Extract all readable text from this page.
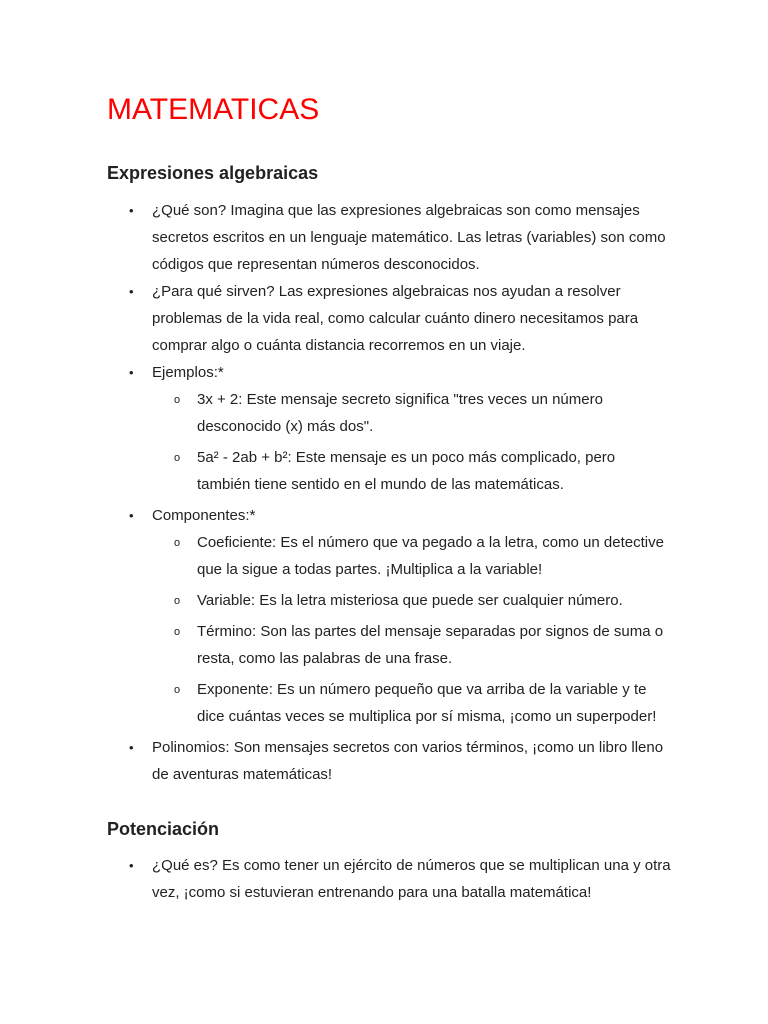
MATEMATICAS
Expresiones algebraicas
• ¿Qué son? Imagina que las expresiones algebraicas son como mensajes secretos escritos en un lenguaje matemático. Las letras (variables) son como códigos que representan números desconocidos.
• ¿Para qué sirven? Las expresiones algebraicas nos ayudan a resolver problemas de la vida real, como calcular cuánto dinero necesitamos para comprar algo o cuánta distancia recorremos en un viaje.
• Ejemplos:*
o 3x + 2: Este mensaje secreto significa "tres veces un número desconocido (x) más dos".
o 5a² - 2ab + b²: Este mensaje es un poco más complicado, pero también tiene sentido en el mundo de las matemáticas.
• Componentes:*
o Coeficiente: Es el número que va pegado a la letra, como un detective que la sigue a todas partes. ¡Multiplica a la variable!
o Variable: Es la letra misteriosa que puede ser cualquier número.
o Término: Son las partes del mensaje separadas por signos de suma o resta, como las palabras de una frase.
o Exponente: Es un número pequeño que va arriba de la variable y te dice cuántas veces se multiplica por sí misma, ¡como un superpoder!
• Polinomios: Son mensajes secretos con varios términos, ¡como un libro lleno de aventuras matemáticas!
Potenciación
• ¿Qué es? Es como tener un ejército de números que se multiplican una y otra vez, ¡como si estuvieran entrenando para una batalla matemática!
